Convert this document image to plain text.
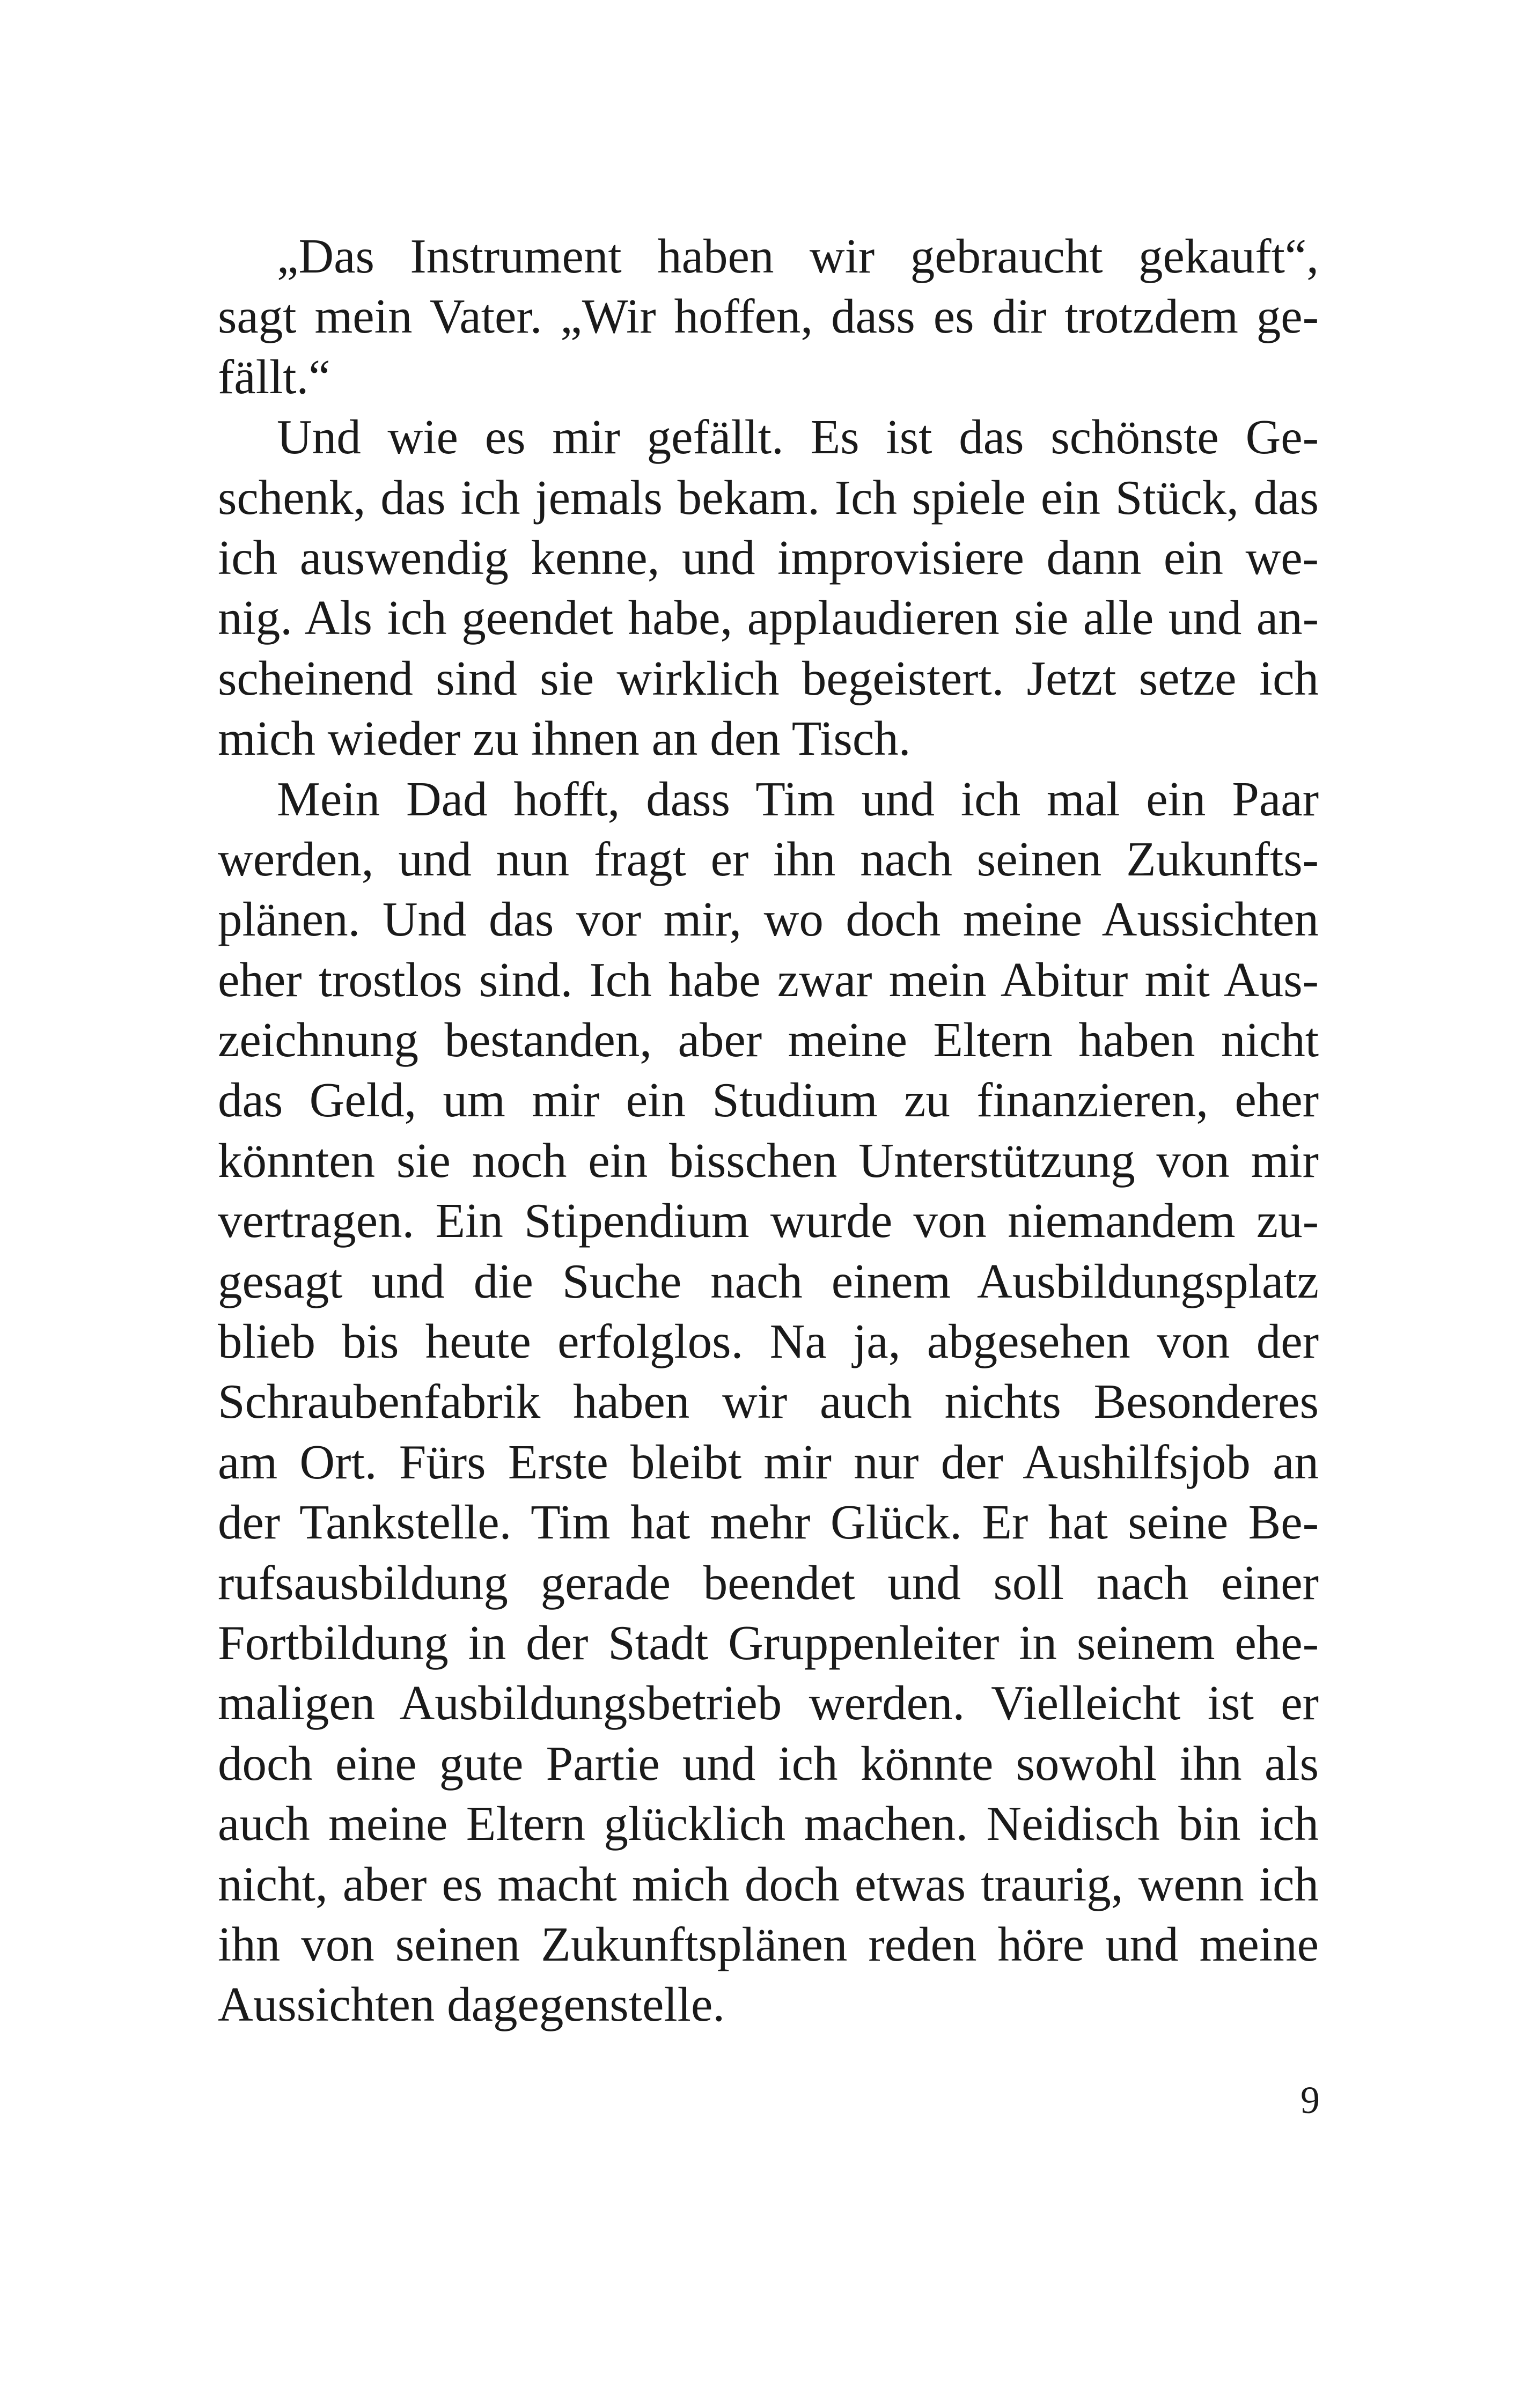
„Das Instrument haben wir gebraucht gekauft“,
sagt mein Vater. „Wir hoffen, dass es dir trotzdem ge-
fällt.“
Und wie es mir gefällt. Es ist das schönste Ge-
schenk, das ich jemals bekam. Ich spiele ein Stück, das
ich auswendig kenne, und improvisiere dann ein we-
nig. Als ich geendet habe, applaudieren sie alle und an-
scheinend sind sie wirklich begeistert. Jetzt setze ich
mich wieder zu ihnen an den Tisch.
Mein Dad hofft, dass Tim und ich mal ein Paar
werden, und nun fragt er ihn nach seinen Zukunfts-
plänen. Und das vor mir, wo doch meine Aussichten
eher trostlos sind. Ich habe zwar mein Abitur mit Aus-
zeichnung bestanden, aber meine Eltern haben nicht
das Geld, um mir ein Studium zu finanzieren, eher
könnten sie noch ein bisschen Unterstützung von mir
vertragen. Ein Stipendium wurde von niemandem zu-
gesagt und die Suche nach einem Ausbildungsplatz
blieb bis heute erfolglos. Na ja, abgesehen von der
Schraubenfabrik haben wir auch nichts Besonderes
am Ort. Fürs Erste bleibt mir nur der Aushilfsjob an
der Tankstelle. Tim hat mehr Glück. Er hat seine Be-
rufsausbildung gerade beendet und soll nach einer
Fortbildung in der Stadt Gruppenleiter in seinem ehe-
maligen Ausbildungsbetrieb werden. Vielleicht ist er
doch eine gute Partie und ich könnte sowohl ihn als
auch meine Eltern glücklich machen. Neidisch bin ich
nicht, aber es macht mich doch etwas traurig, wenn ich
ihn von seinen Zukunftsplänen reden höre und meine
Aussichten dagegenstelle.
9
